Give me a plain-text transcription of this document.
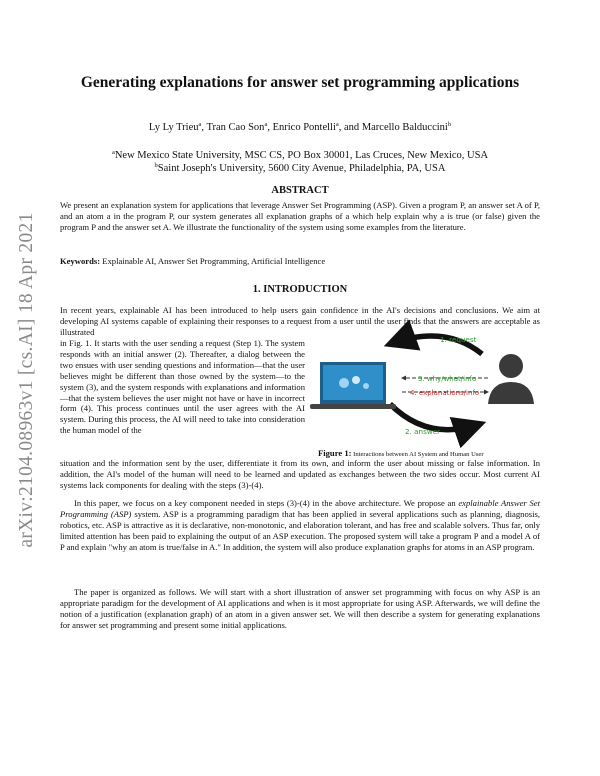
arXiv:2104.08963v1 [cs.AI] 18 Apr 2021
Generating explanations for answer set programming applications
Ly Ly Trieu$^a$, Tran Cao Son$^a$, Enrico Pontelli$^a$, and Marcello Balduccini$^b$
$^a$New Mexico State University, MSC CS, PO Box 30001, Las Cruces, New Mexico, USA
$^b$Saint Joseph's University, 5600 City Avenue, Philadelphia, PA, USA
ABSTRACT

We present an explanation system for applications that leverage Answer Set Programming (ASP). Given a program P, an answer set A of P, and an atom a in the program P, our system generates all explanation graphs of a which help explain why a is true (or false) given the program P and the answer set A. We illustrate the functionality of the system using some examples from the literature.

Keywords: Explainable AI, Answer Set Programming, Artificial Intelligence
1. INTRODUCTION

In recent years, explainable AI has been introduced to help users gain confidence in the AI's decisions and conclusions. We aim at developing AI systems capable of explaining their responses to a request from a user until the user finds that the answers are acceptable as illustrated

in Fig. 1. It starts with the user sending a request (Step 1). The system responds with an initial answer (2). Thereafter, a dialog between the two ensues with user sending questions and information—that the user believes might be different than those owned by the system—to the system (3), and the system responds with explanations and information—that the system believes the user might not have or have in incorrect form (4). This process continues until the user agrees with the AI system. During this process, the AI will need to take into consideration the human model of the

situation and the information sent by the user, differentiate it from its own, and inform the user about missing or false information. In addition, the AI's model of the human will need to be learned and updated as exchanges between the two sides occur. Most current AI systems lack components for dealing with the steps (3)-(4).

In this paper, we focus on a key component needed in steps (3)-(4) in the above architecture. We propose an explainable Answer Set Programming (ASP) system. ASP is a programming paradigm that has been applied in several applications such as planning, diagnosis, robotics, etc. ASP is attractive as it is declarative, non-monotonic, and elaboration tolerant, and has free and scalable solvers. Thus far, only limited attention has been paid to explaining the output of an ASP execution. The proposed system will take a program P and a model A of P and explain "why an atom is true/false in A." In addition, the system will also produce explanation graphs for atoms in an ASP program.

The paper is organized as follows. We will start with a short illustration of answer set programming with focus on why ASP is an appropriate paradigm for the development of AI applications and when is it most appropriate for using ASP. Afterwards, we will define the notion of a justification (explanation graph) of an atom in a given answer set. We will then describe a system for generating explanations for answer set programming and present some initial applications.

1. request
2. answer
3. why/what/info
4. explanations/info
Figure 1: Interactions between AI System and Human User
